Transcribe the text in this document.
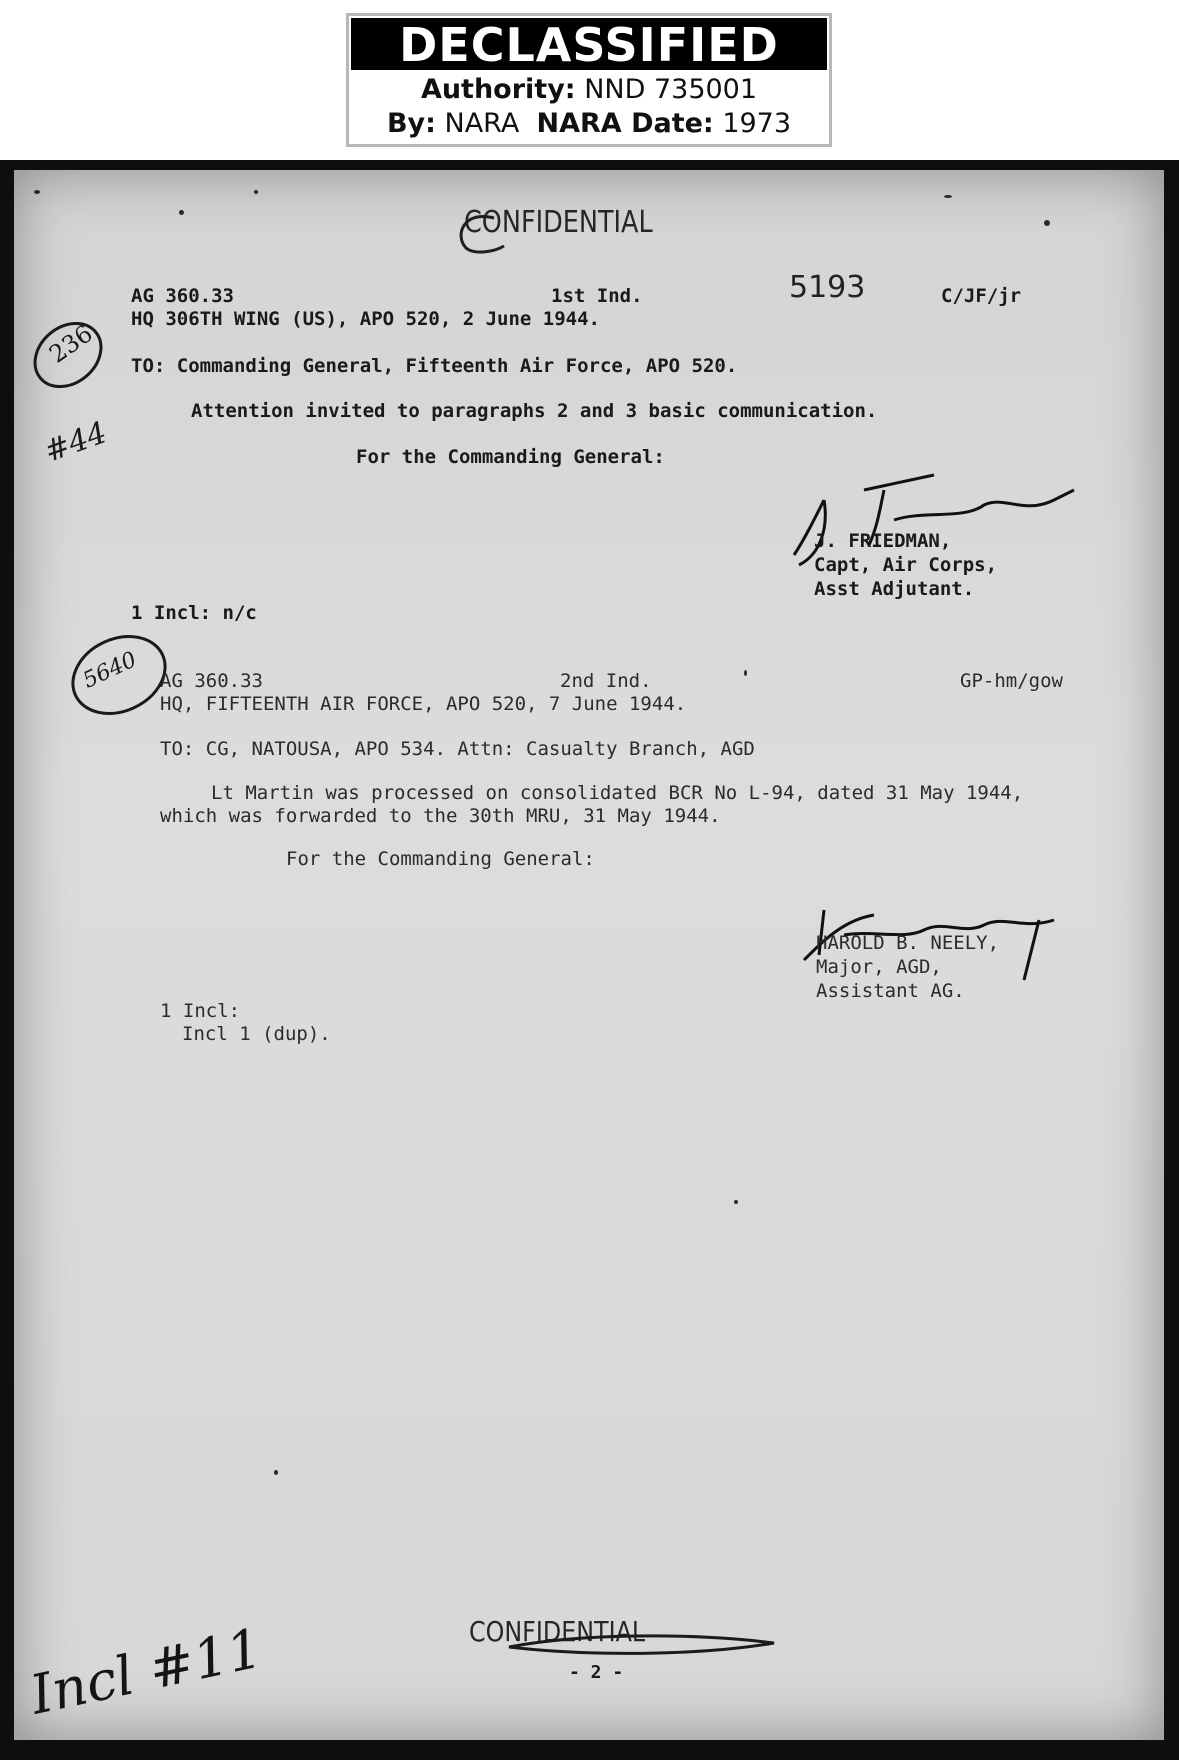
DECLASSIFIED
Authority: NND 735001
By: NARA NARA Date: 1973
CONFIDENTIAL
5193
236
#44
AG 360.33	1st Ind.	C/JF/jr
HQ 306TH WING (US), APO 520, 2 June 1944.
TO: Commanding General, Fifteenth Air Force, APO 520.
Attention invited to paragraphs 2 and 3 basic communication.
For the Commanding General:
J. FRIEDMAN,
Capt, Air Corps,
Asst Adjutant.
1 Incl: n/c
5640 AG 360.33	2nd Ind.	GP-hm/gow
HQ, FIFTEENTH AIR FORCE, APO 520, 7 June 1944.
TO: CG, NATOUSA, APO 534. Attn: Casualty Branch, AGD
Lt Martin was processed on consolidated BCR No L-94, dated 31 May 1944,
which was forwarded to the 30th MRU, 31 May 1944.
For the Commanding General:
HAROLD B. NEELY,
Major, AGD,
Assistant AG.
1 Incl:
Incl 1 (dup).
CONFIDENTIAL
- 2 -
Incl #11
